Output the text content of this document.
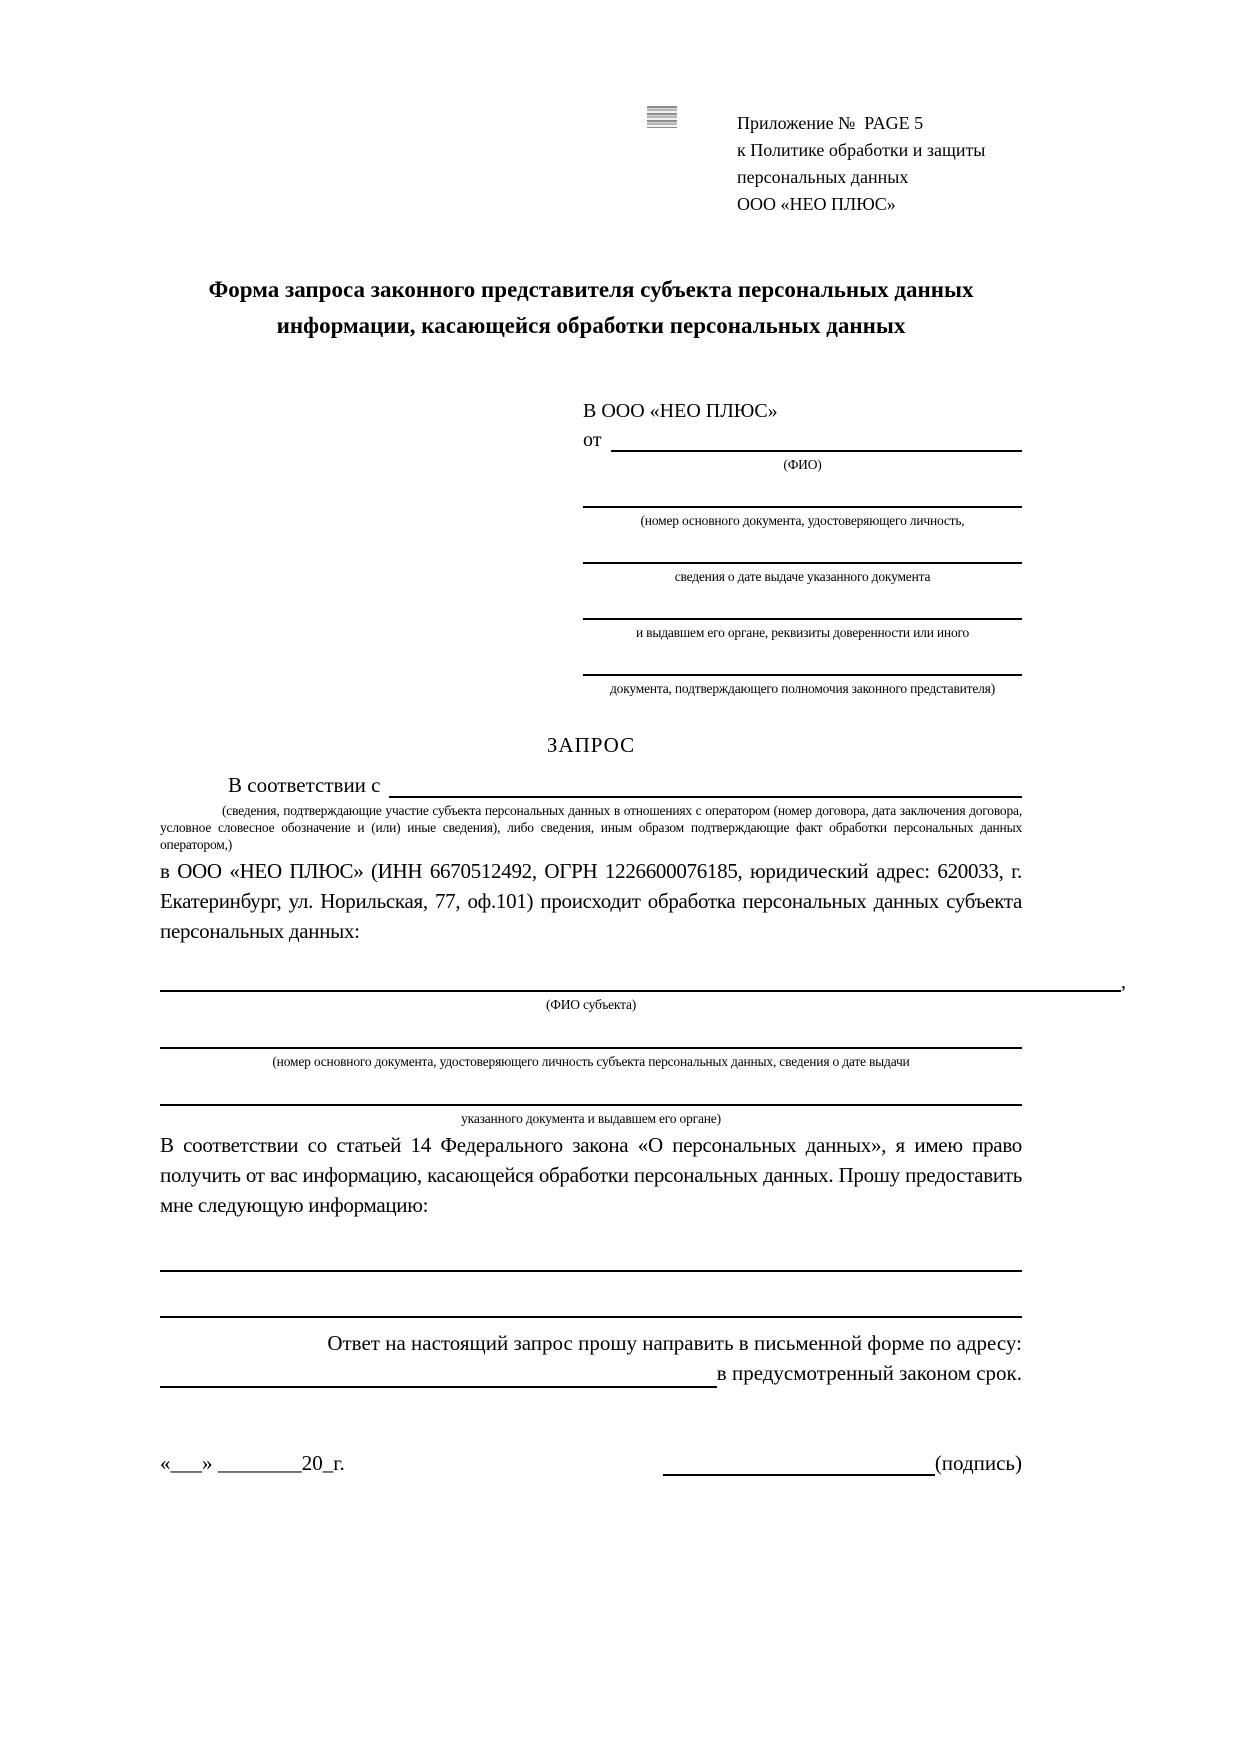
Приложение №  PAGE 5
к Политике обработки и защиты
персональных данных
ООО «НЕО ПЛЮС»
Форма запроса законного представителя субъекта персональных данных
информации, касающейся обработки персональных данных
В ООО «НЕО ПЛЮС»
от
(ФИО)
(номер основного документа, удостоверяющего личность,
сведения о дате выдаче указанного документа
и выдавшем его органе, реквизиты доверенности или иного
документа, подтверждающего полномочия законного представителя)
ЗАПРОС
В соответствии с

(сведения, подтверждающие участие субъекта персональных данных в отношениях с оператором (номер договора, дата заключения договора, условное словесное обозначение и (или) иные сведения), либо сведения, иным образом подтверждающие факт обработки персональных данных оператором,)

в ООО «НЕО ПЛЮС» (ИНН 6670512492, ОГРН 1226600076185, юридический адрес: 620033, г. Екатеринбург, ул. Норильская, 77, оф.101) происходит обработка персональных данных субъекта персональных данных:

,
(ФИО субъекта)
(номер основного документа, удостоверяющего личность субъекта персональных данных, сведения о дате выдачи
указанного документа и выдавшем его органе)

В соответствии со статьей 14 Федерального закона «О персональных данных», я имею право получить от вас информацию, касающейся обработки персональных данных. Прошу предоставить мне следующую информацию:

Ответ на настоящий запрос прошу направить в письменной форме по адресу:
в предусмотренный законом срок.
«___» ________20_г.	(подпись)
